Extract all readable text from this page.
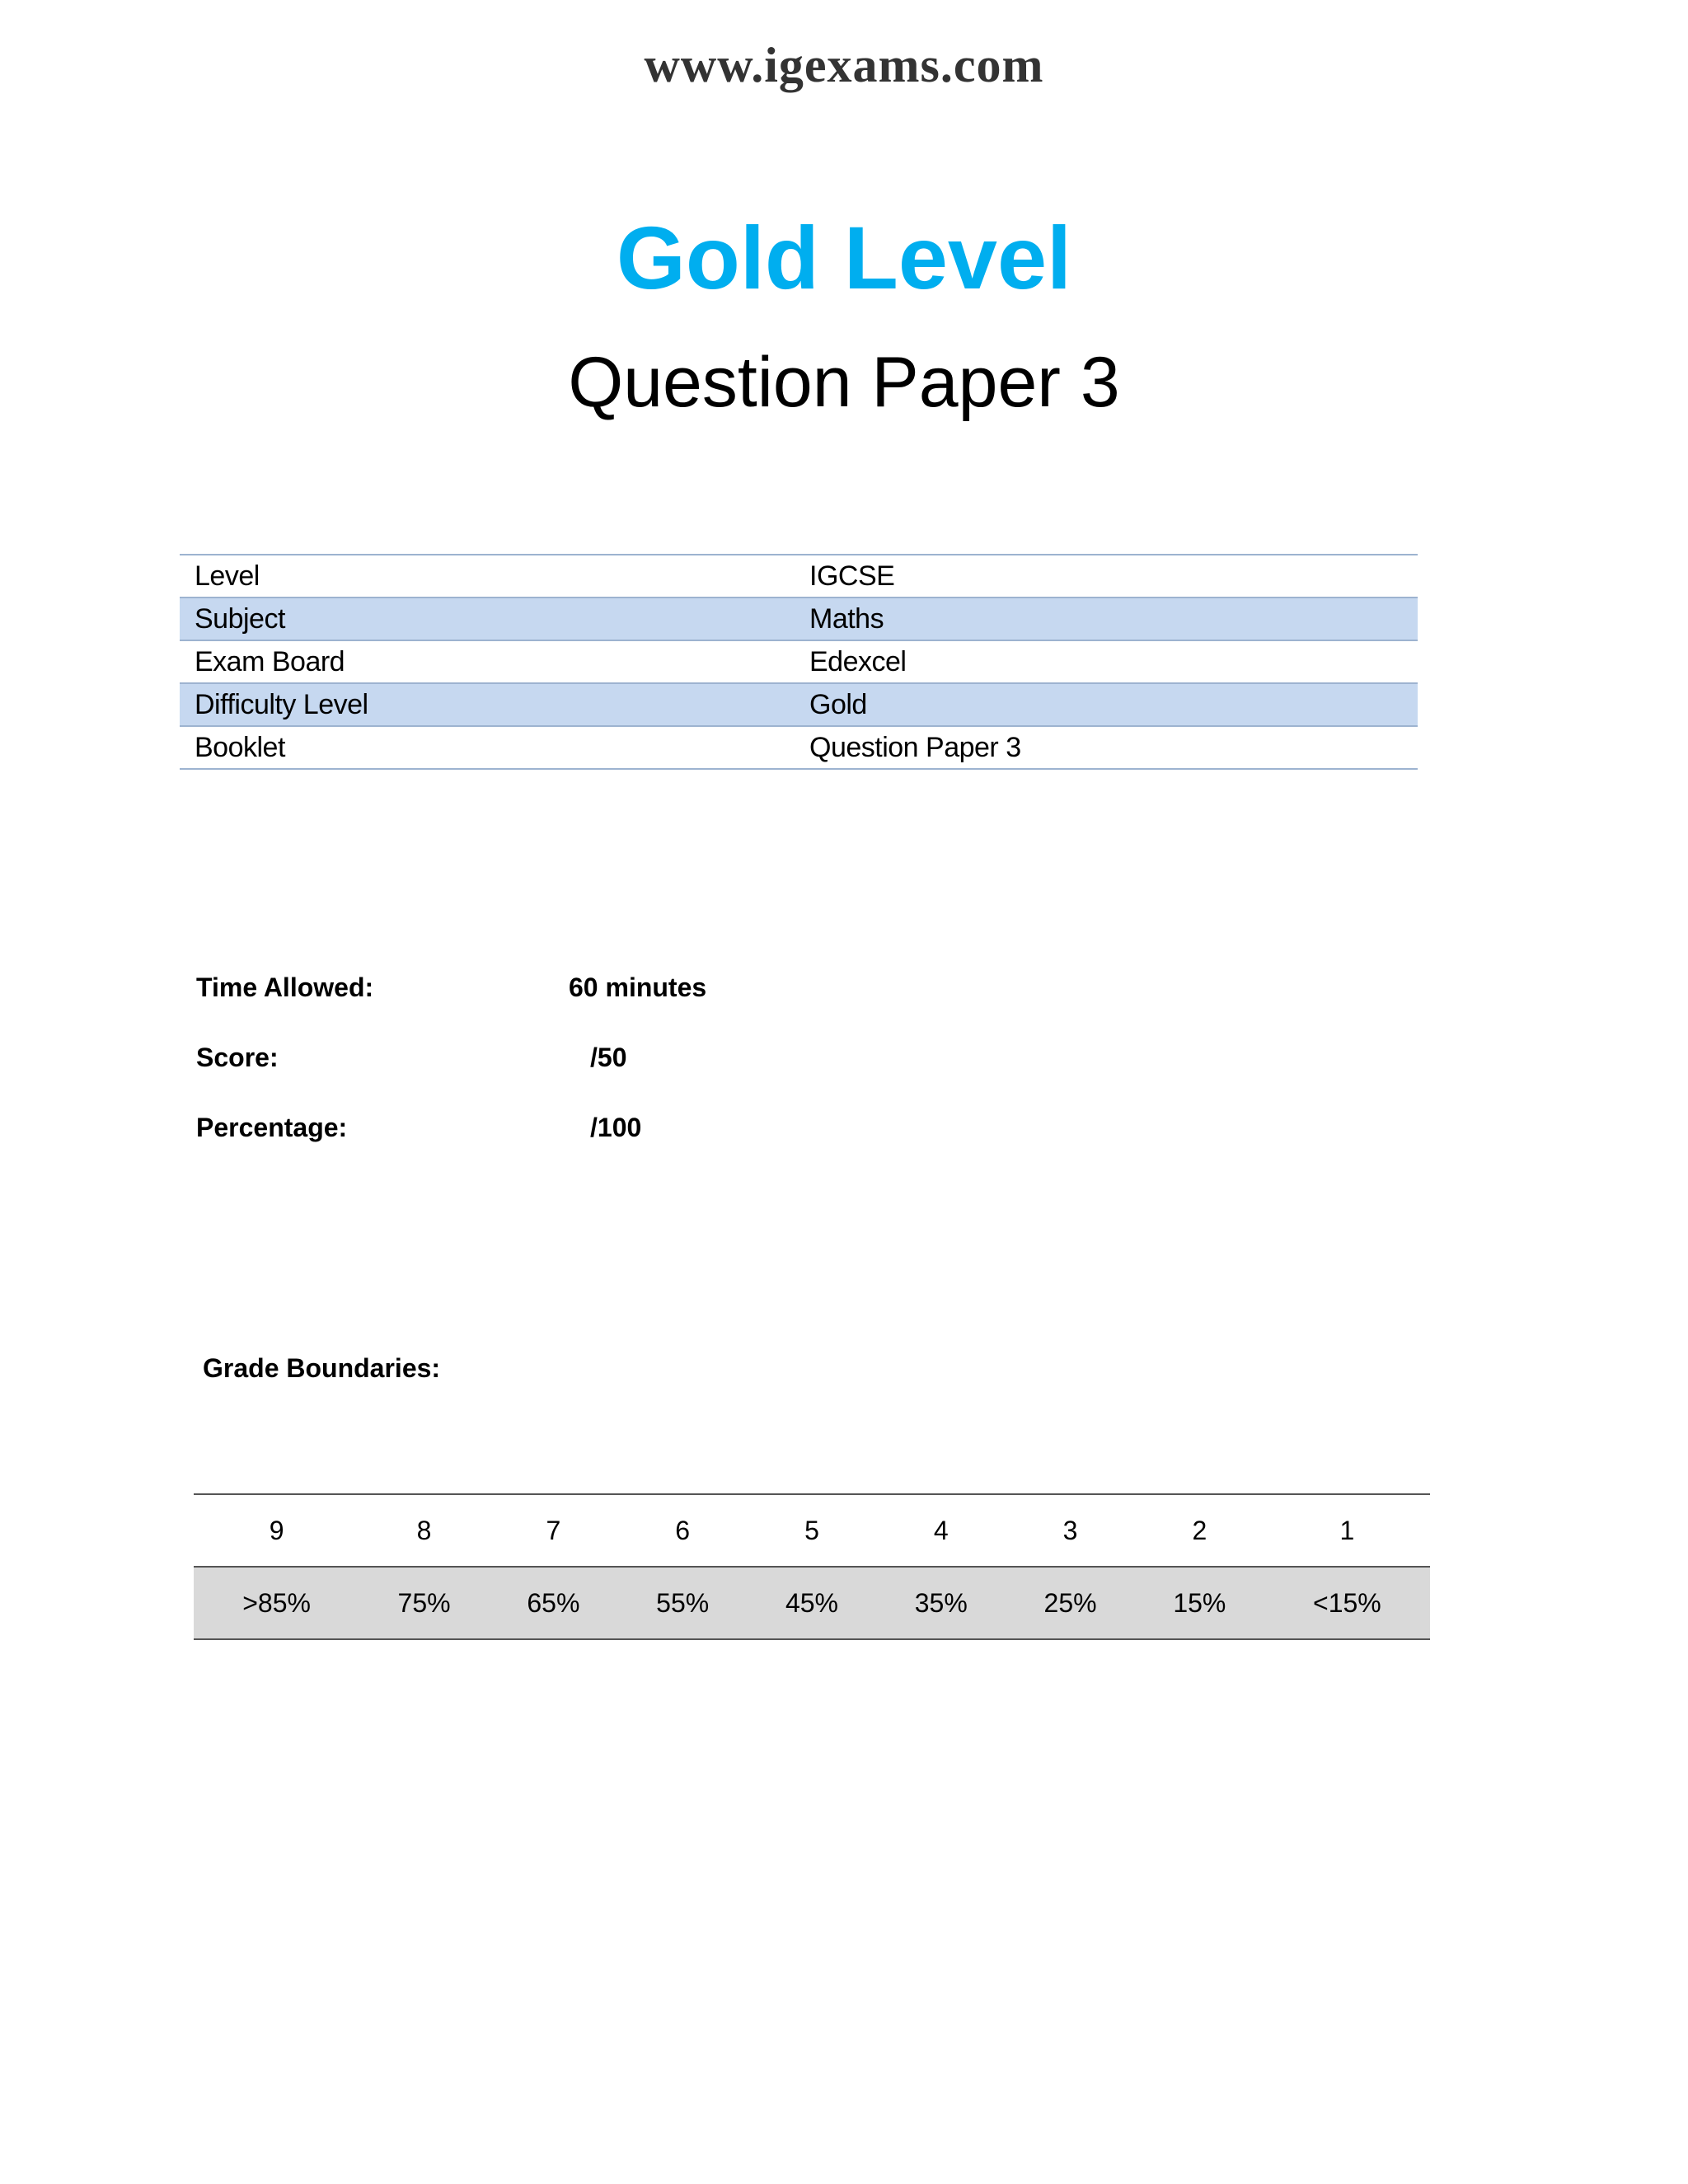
www.igexams.com
Gold Level
Question Paper 3
Level	IGCSE
Subject	Maths
Exam Board	Edexcel
Difficulty Level	Gold
Booklet	Question Paper 3
Time Allowed:	60 minutes
Score:	/50
Percentage:	/100
Grade Boundaries:
9	8	7	6	5	4	3	2	1
>85%	75%	65%	55%	45%	35%	25%	15%	<15%
